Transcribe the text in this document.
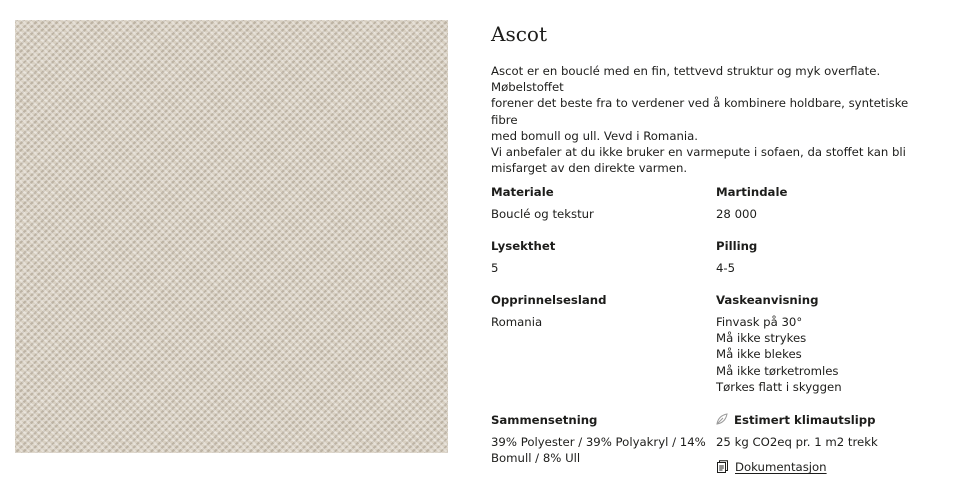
Ascot

Ascot er en bouclé med en fin, tettvevd struktur og myk overflate. Møbelstoffet
forener det beste fra to verdener ved å kombinere holdbare, syntetiske fibre
med bomull og ull. Vevd i Romania.
Vi anbefaler at du ikke bruker en varmepute i sofaen, da stoffet kan bli
misfarget av den direkte varmen.

Materiale
Bouclé og tekstur
Martindale
28 000
Lysekthet
5
Pilling
4-5
Opprinnelsesland
Romania
Vaskeanvisning
Finvask på 30°
Må ikke strykes
Må ikke blekes
Må ikke tørketromles
Tørkes flatt i skyggen
Sammensetning
39% Polyester / 39% Polyakryl / 14%
Bomull / 8% Ull
Estimert klimautslipp
25 kg CO2eq pr. 1 m2 trekk
Dokumentasjon
